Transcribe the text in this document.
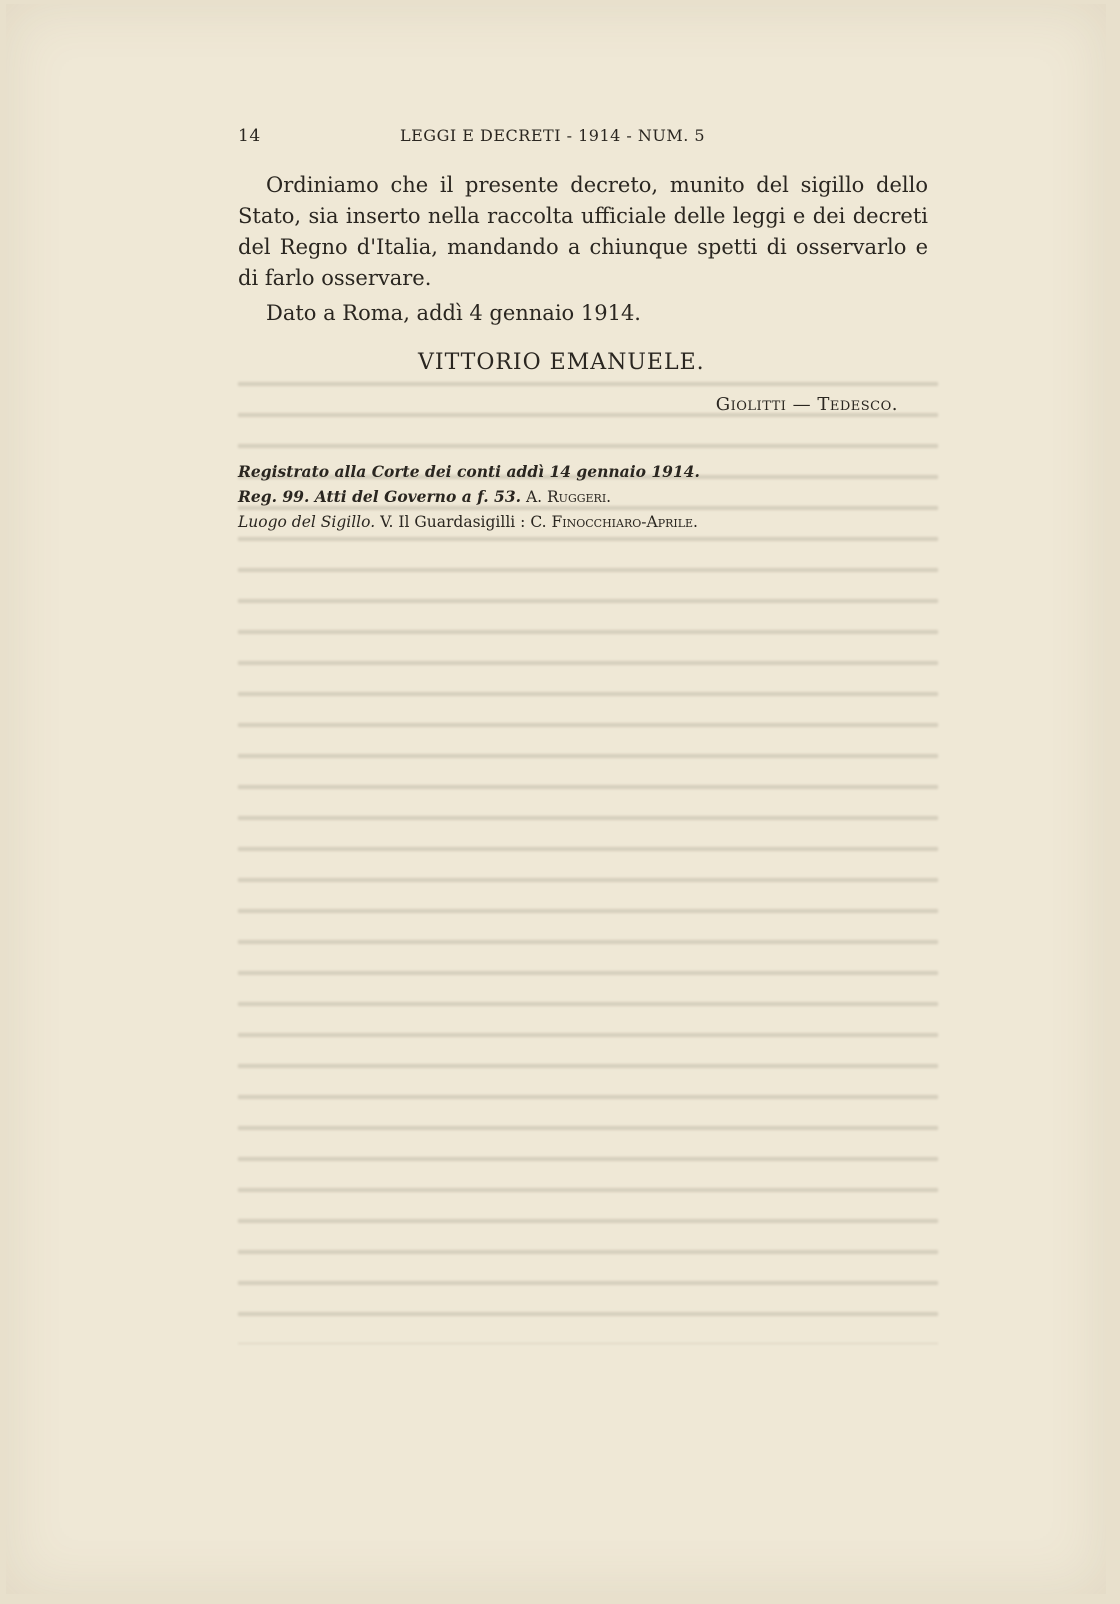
14	LEGGI E DECRETI - 1914 - NUM. 5

Ordiniamo che il presente decreto, munito del sigillo dello Stato, sia inserto nella raccolta ufficiale delle leggi e dei decreti del Regno d'Italia, mandando a chiunque spetti di osservarlo e di farlo osservare.

Dato a Roma, addì 4 gennaio 1914.

VITTORIO EMANUELE.
Giolitti — Tedesco.
Registrato alla Corte dei conti addì 14 gennaio 1914.
Reg. 99. Atti del Governo a f. 53. A. Ruggeri.
Luogo del Sigillo. V. Il Guardasigilli : C. Finocchiaro-Aprile.
